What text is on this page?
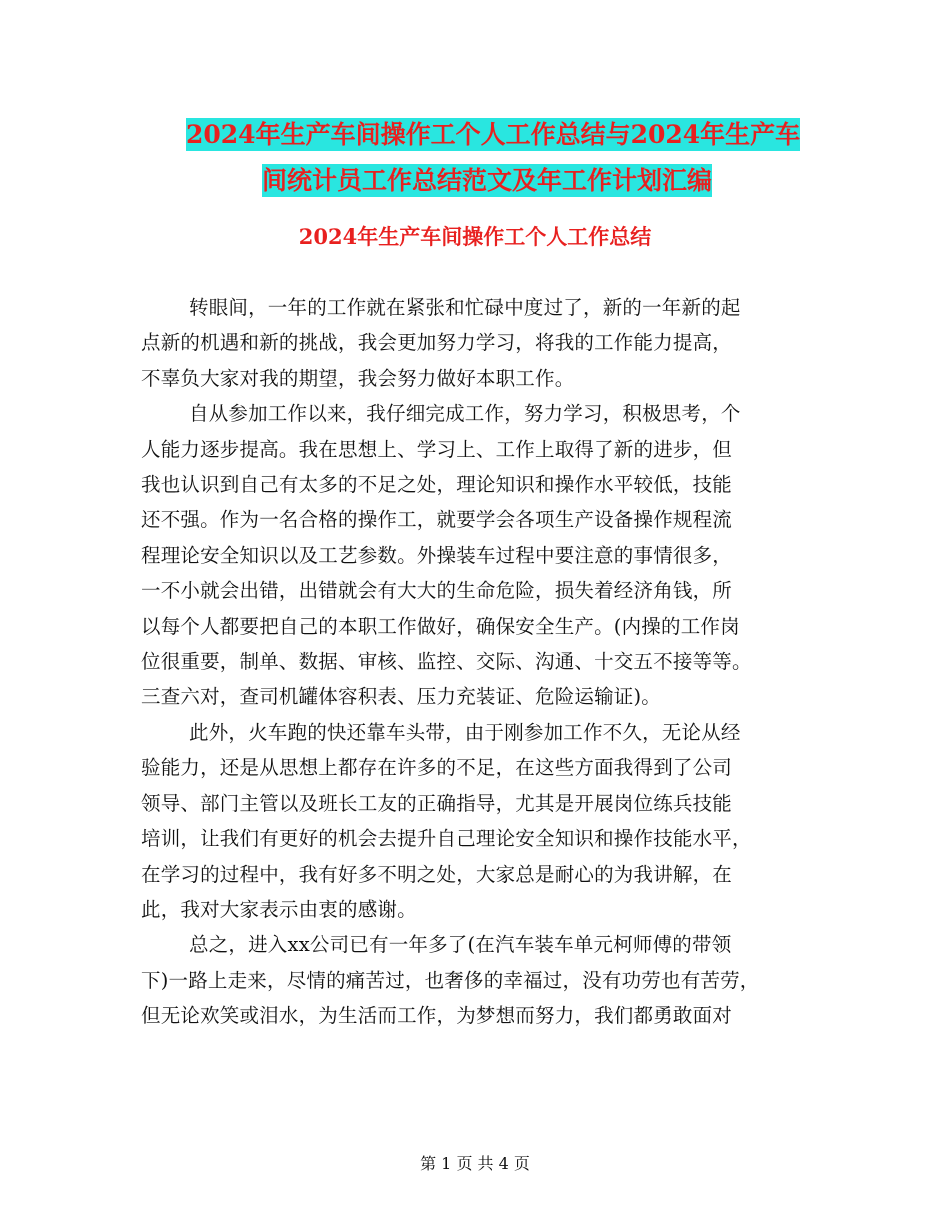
2024年生产车间操作工个人工作总结与2024年生产车
间统计员工作总结范文及年工作计划汇编
2024年生产车间操作工个人工作总结
转眼间，一年的工作就在紧张和忙碌中度过了，新的一年新的起
点新的机遇和新的挑战，我会更加努力学习，将我的工作能力提高，
不辜负大家对我的期望，我会努力做好本职工作。
自从参加工作以来，我仔细完成工作，努力学习，积极思考，个
人能力逐步提高。我在思想上、学习上、工作上取得了新的进步，但
我也认识到自己有太多的不足之处，理论知识和操作水平较低，技能
还不强。作为一名合格的操作工，就要学会各项生产设备操作规程流
程理论安全知识以及工艺参数。外操装车过程中要注意的事情很多，
一不小就会出错，出错就会有大大的生命危险，损失着经济角钱，所
以每个人都要把自己的本职工作做好，确保安全生产。(内操的工作岗
位很重要，制单、数据、审核、监控、交际、沟通、十交五不接等等。
三查六对，查司机罐体容积表、压力充装证、危险运输证)。
此外，火车跑的快还靠车头带，由于刚参加工作不久，无论从经
验能力，还是从思想上都存在许多的不足，在这些方面我得到了公司
领导、部门主管以及班长工友的正确指导，尤其是开展岗位练兵技能
培训，让我们有更好的机会去提升自己理论安全知识和操作技能水平，
在学习的过程中，我有好多不明之处，大家总是耐心的为我讲解，在
此，我对大家表示由衷的感谢。
总之，进入xx公司已有一年多了(在汽车装车单元柯师傅的带领
下)一路上走来，尽情的痛苦过，也奢侈的幸福过，没有功劳也有苦劳，
但无论欢笑或泪水，为生活而工作，为梦想而努力，我们都勇敢面对
第 1 页 共 4 页
